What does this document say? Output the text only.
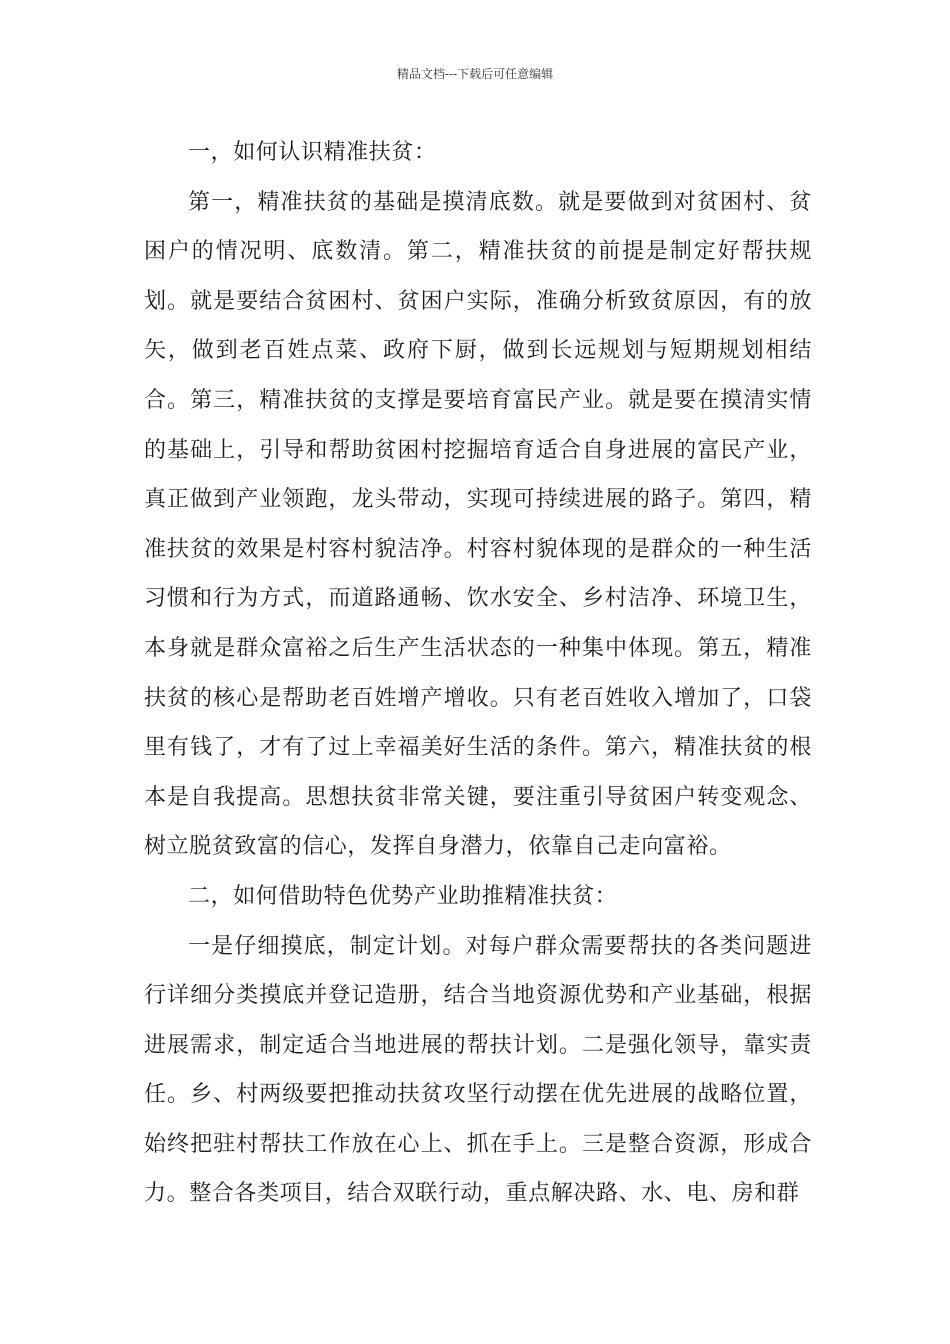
精品文档---下载后可任意编辑

一，如何认识精准扶贫：

第一，精准扶贫的基础是摸清底数。就是要做到对贫困村、贫困户的情况明、底数清。第二，精准扶贫的前提是制定好帮扶规划。就是要结合贫困村、贫困户实际，准确分析致贫原因，有的放矢，做到老百姓点菜、政府下厨，做到长远规划与短期规划相结合。第三，精准扶贫的支撑是要培育富民产业。就是要在摸清实情的基础上，引导和帮助贫困村挖掘培育适合自身进展的富民产业，真正做到产业领跑，龙头带动，实现可持续进展的路子。第四，精准扶贫的效果是村容村貌洁净。村容村貌体现的是群众的一种生活习惯和行为方式，而道路通畅、饮水安全、乡村洁净、环境卫生，本身就是群众富裕之后生产生活状态的一种集中体现。第五，精准扶贫的核心是帮助老百姓增产增收。只有老百姓收入增加了，口袋里有钱了，才有了过上幸福美好生活的条件。第六，精准扶贫的根本是自我提高。思想扶贫非常关键，要注重引导贫困户转变观念、树立脱贫致富的信心，发挥自身潜力，依靠自己走向富裕。

二，如何借助特色优势产业助推精准扶贫：

一是仔细摸底，制定计划。对每户群众需要帮扶的各类问题进行详细分类摸底并登记造册，结合当地资源优势和产业基础，根据进展需求，制定适合当地进展的帮扶计划。二是强化领导，靠实责任。乡、村两级要把推动扶贫攻坚行动摆在优先进展的战略位置，始终把驻村帮扶工作放在心上、抓在手上。三是整合资源，形成合力。整合各类项目，结合双联行动，重点解决路、水、电、房和群
